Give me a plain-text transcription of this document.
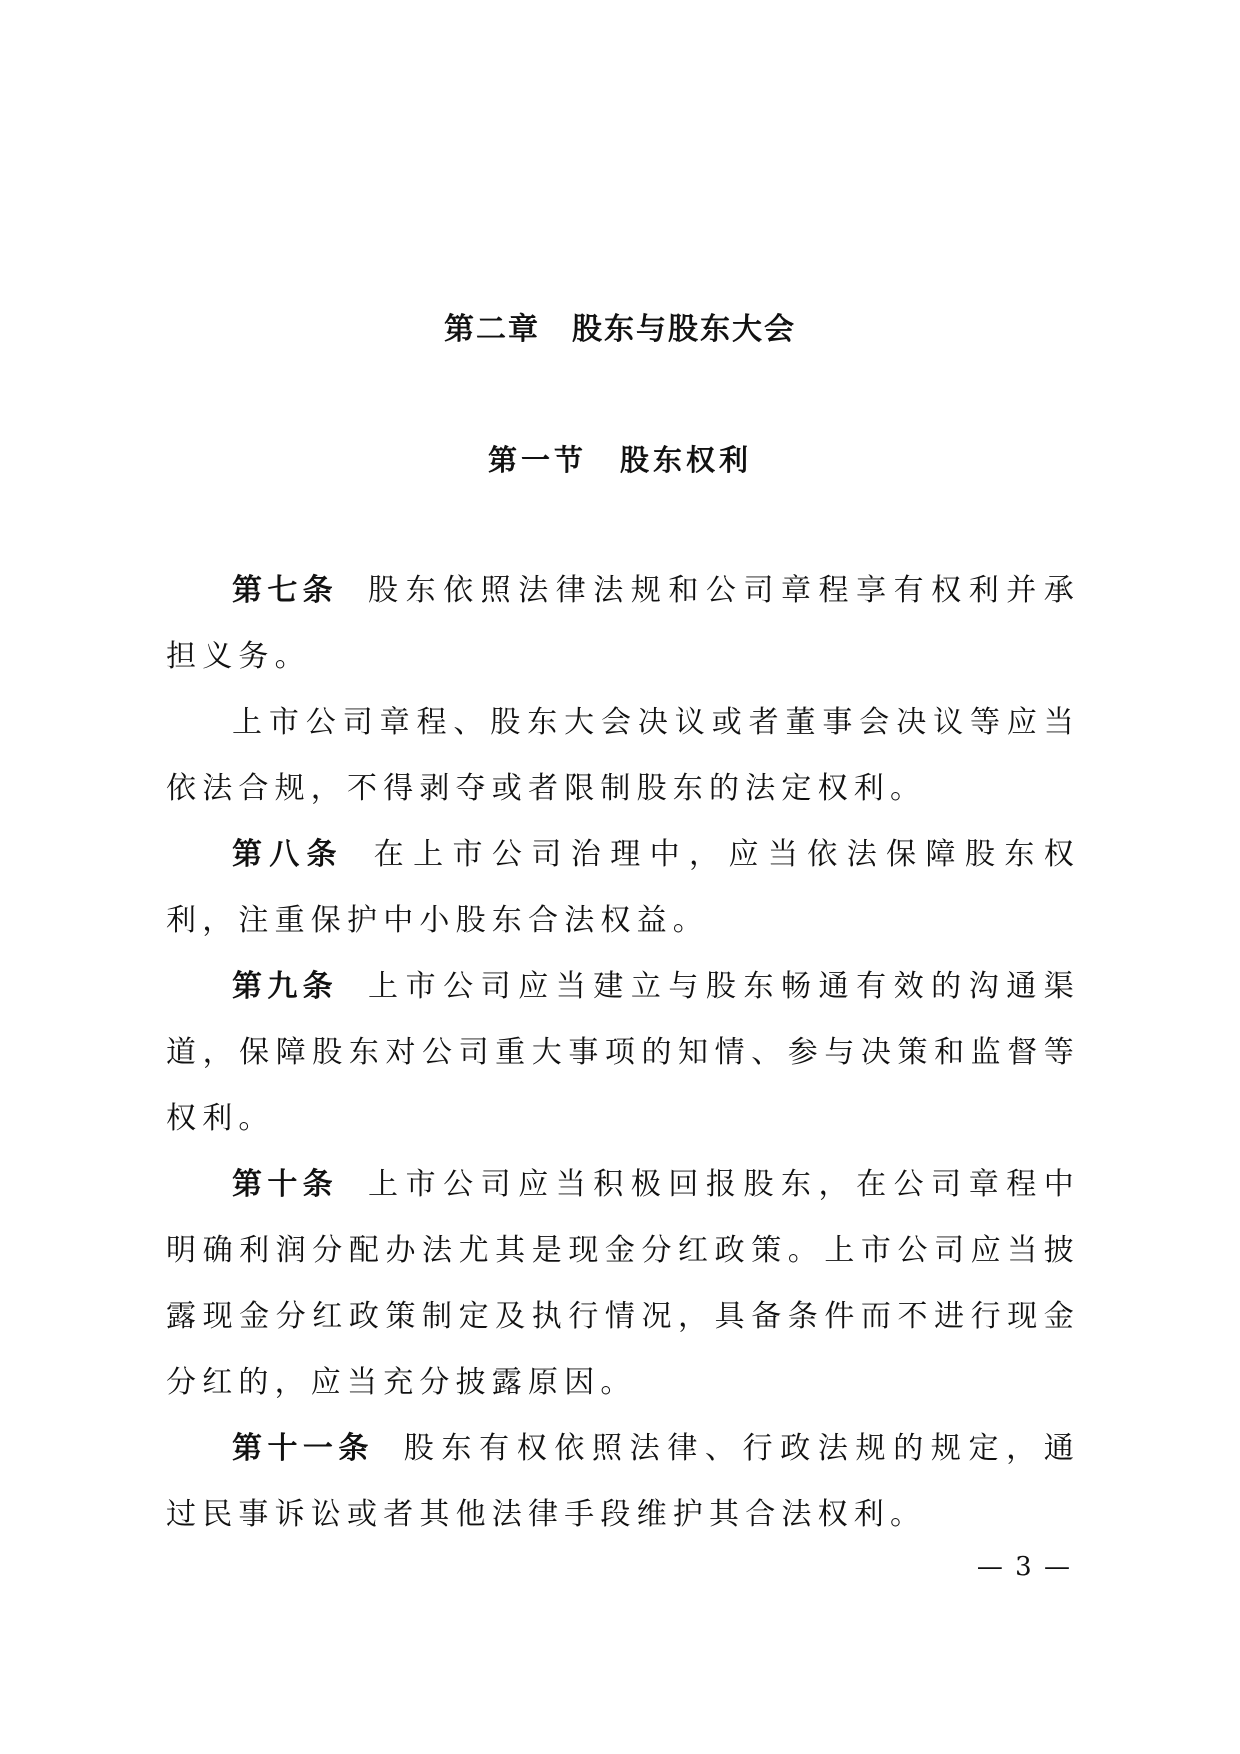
第二章　股东与股东大会
第一节　股东权利

第七条 股东依照法律法规和公司章程享有权利并承担义务。

上市公司章程、股东大会决议或者董事会决议等应当依法合规，不得剥夺或者限制股东的法定权利。

第八条 在上市公司治理中，应当依法保障股东权利，注重保护中小股东合法权益。

第九条 上市公司应当建立与股东畅通有效的沟通渠道，保障股东对公司重大事项的知情、参与决策和监督等权利。

第十条 上市公司应当积极回报股东，在公司章程中明确利润分配办法尤其是现金分红政策。上市公司应当披露现金分红政策制定及执行情况，具备条件而不进行现金分红的，应当充分披露原因。

第十一条 股东有权依照法律、行政法规的规定，通过民事诉讼或者其他法律手段维护其合法权利。

— 3 —
